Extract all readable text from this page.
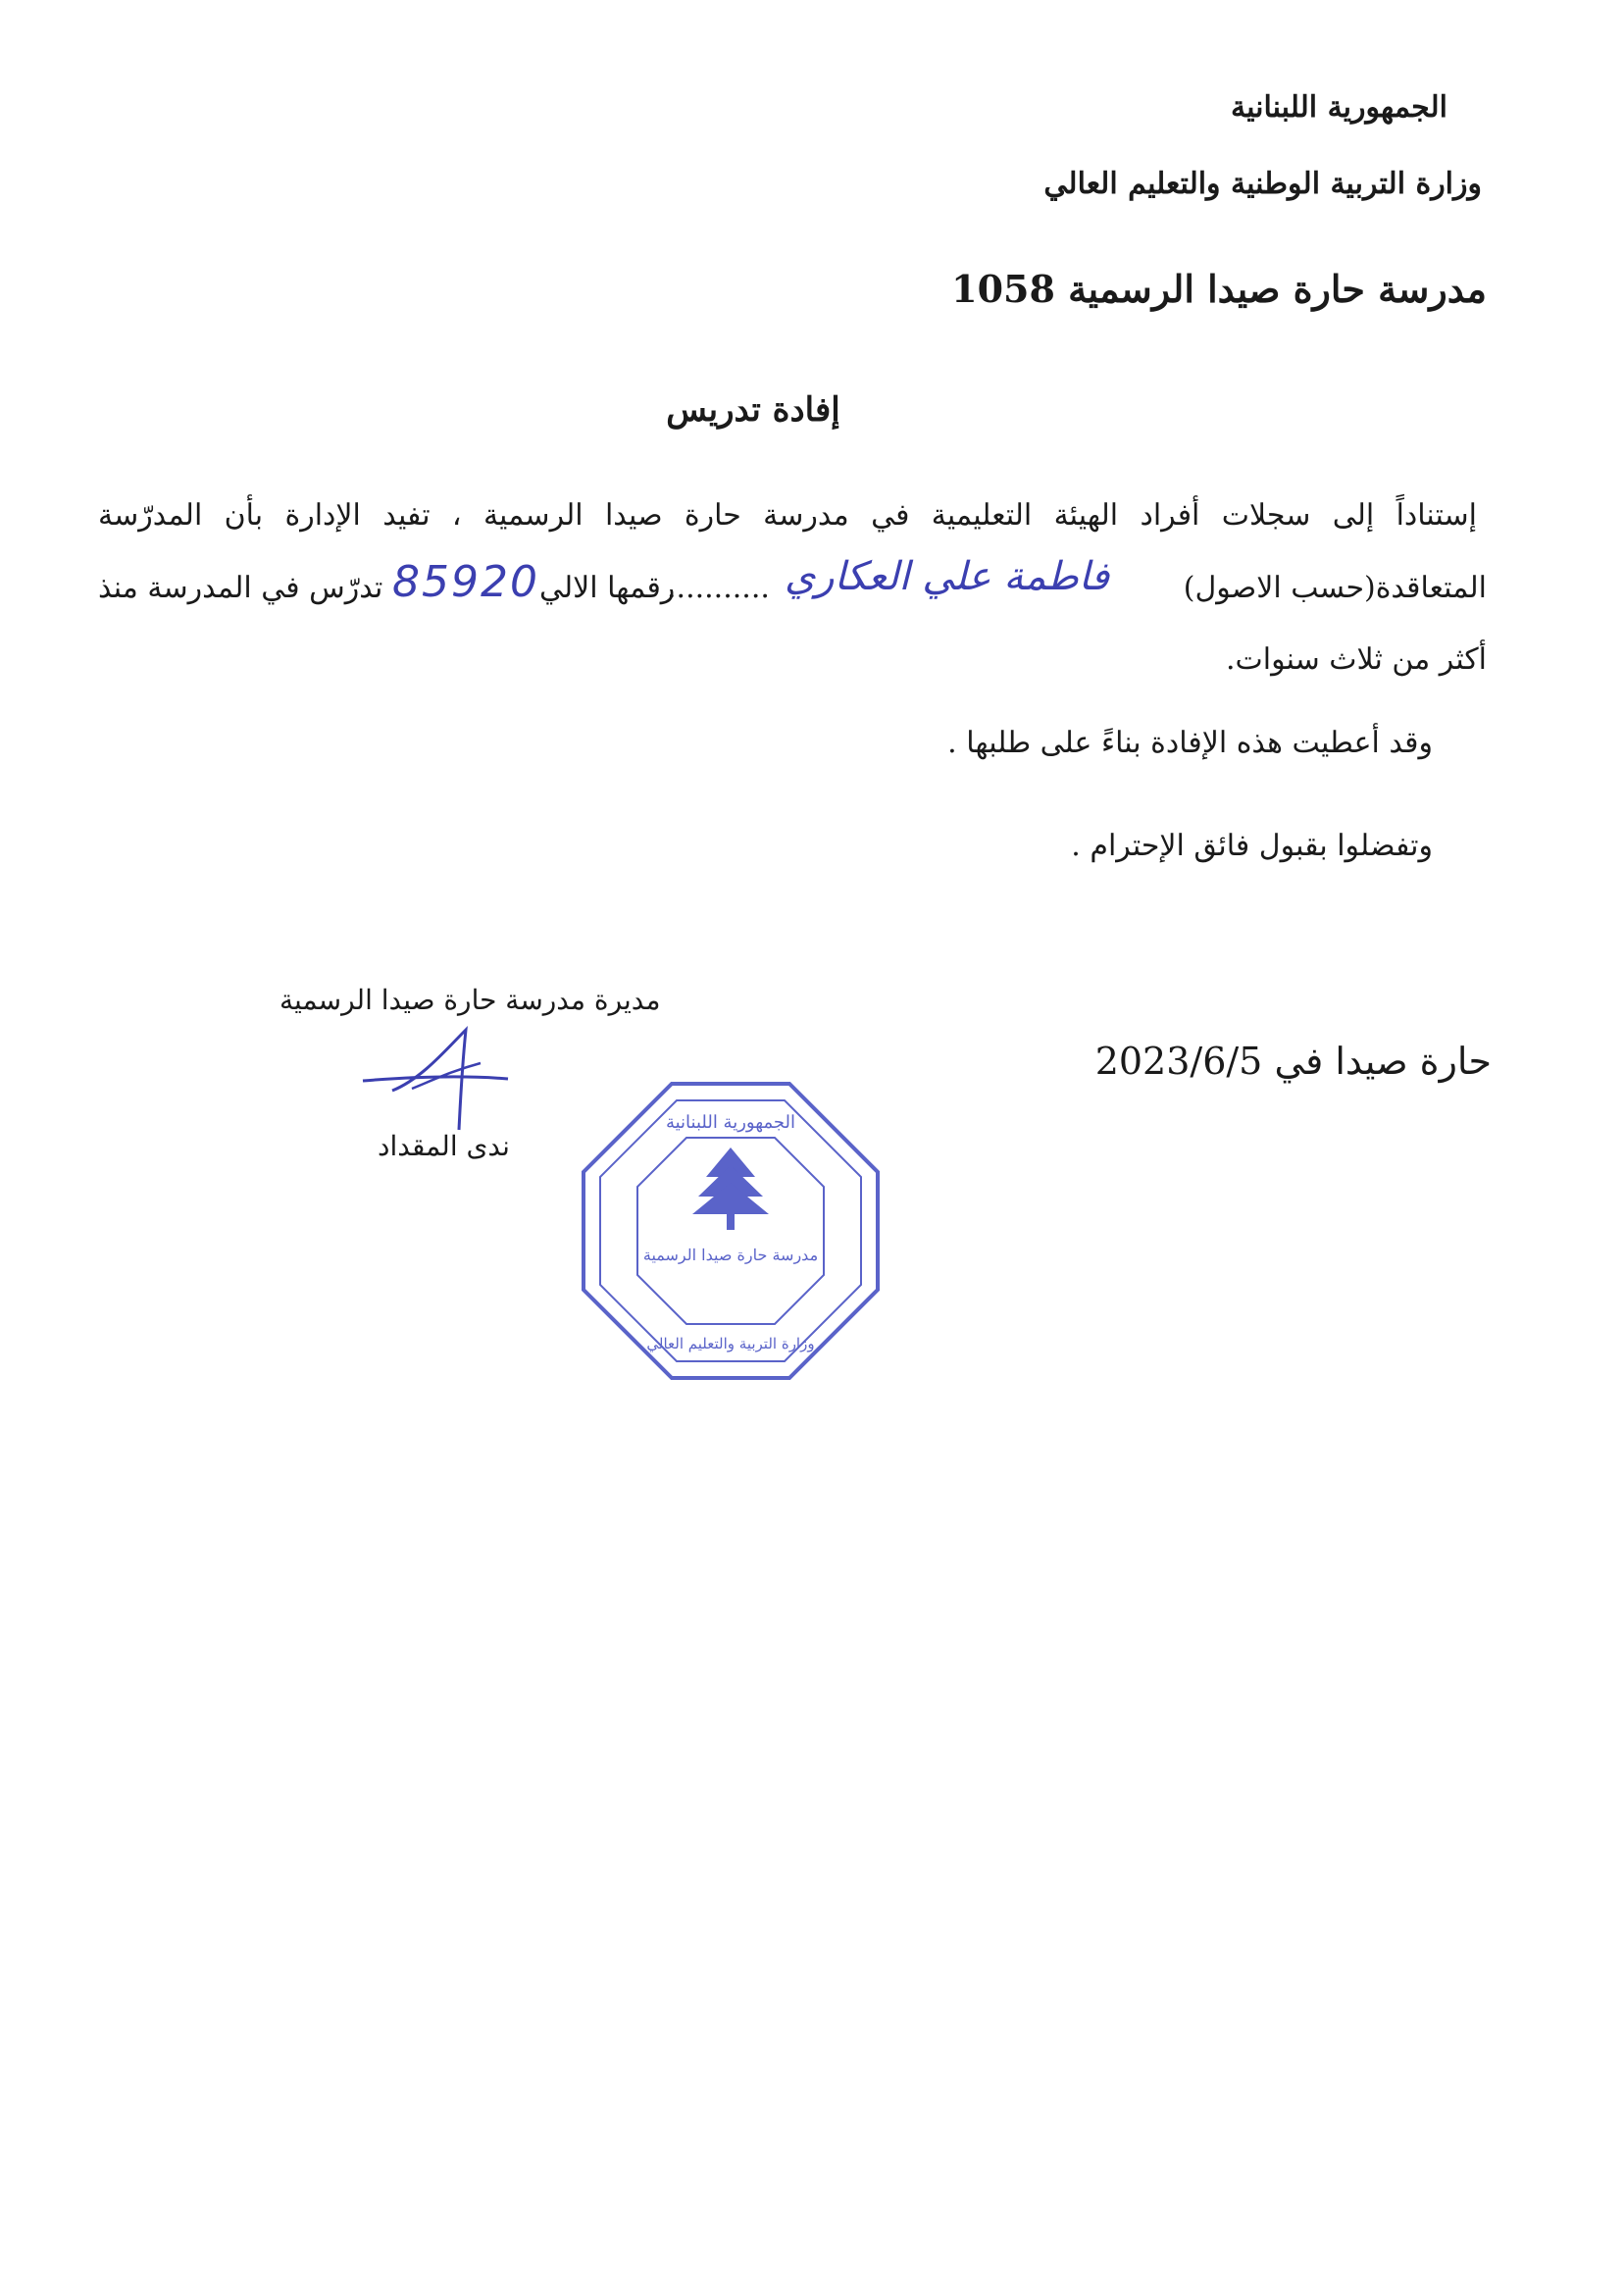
الجمهورية اللبنانية
وزارة التربية الوطنية والتعليم العالي
مدرسة حارة صيدا الرسمية 1058
إفادة تدريس
إستناداً إلى سجلات أفراد الهيئة التعليمية في مدرسة حارة صيدا الرسمية ، تفيد الإدارة بأن المدرّسة
المتعاقدة(حسب الاصول)
........... فاطمة علي العكاري
رقمها الالي
85920
تدرّس في المدرسة منذ
أكثر من ثلاث سنوات.
وقد أعطيت هذه الإفادة بناءً على طلبها .
وتفضلوا بقبول فائق الإحترام .
مديرة مدرسة حارة صيدا الرسمية
ندى المقداد
حارة صيدا في 2023/6/5
الجمهورية اللبنانية
مدرسة حارة صيدا الرسمية
وزارة التربية والتعليم العالي
